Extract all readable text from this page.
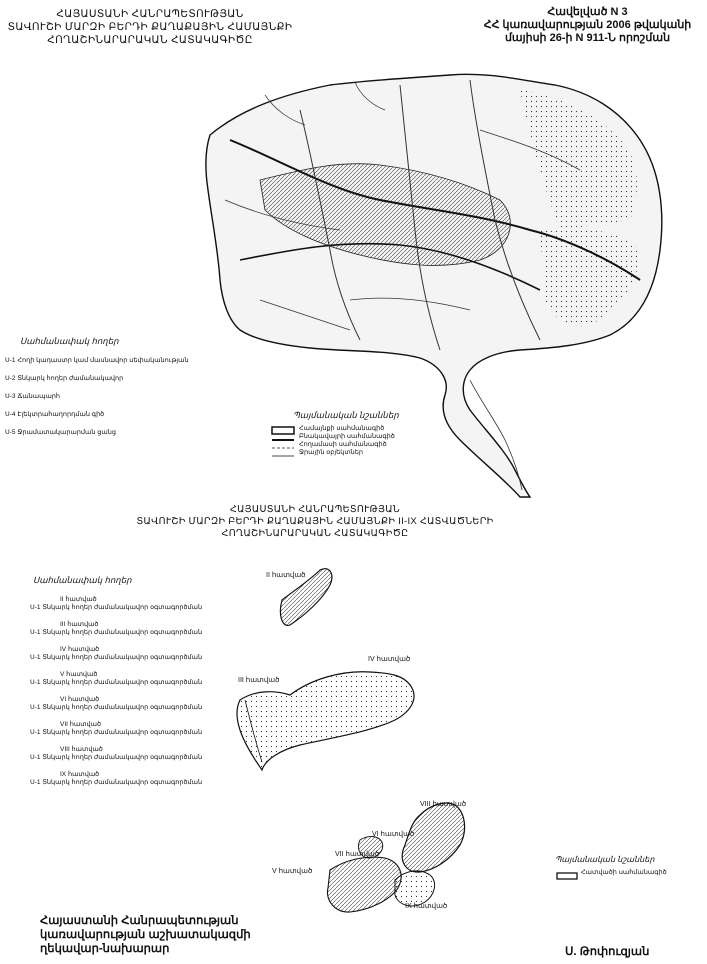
Հավելված N 3
ՀՀ կառավարության 2006 թվականի
մայիսի 26-ի N 911-Ն որոշման
ՀԱՅԱՍՏԱՆԻ ՀԱՆՐԱՊԵՏՈՒԹՅԱՆ
ՏԱՎՈՒՇԻ ՄԱՐԶԻ ԲԵՐԴԻ ՔԱՂԱՔԱՅԻՆ ՀԱՄԱՅՆՔԻ
ՀՈՂԱՇԻՆԱՐԱՐԱԿԱՆ ՀԱՏԱԿԱԳԻԾԸ
Սահմանափակ հողեր
Ս-1 Հողի կադաստր կամ մասնավոր սեփականության
Ս-2 Տնկարկ հողեր ժամանակավոր
Ս-3 Ճանապարհ
Ս-4 Էլեկտրահաղորդման գիծ
Ս-5 Ջրամատակարարման ցանց
Պայմանական նշաններ
Համայնքի սահմանագիծ
Բնակավայրի սահմանագիծ
Հողամասի սահմանագիծ
Ջրային օբյեկտներ
ՀԱՅԱՍՏԱՆԻ ՀԱՆՐԱՊԵՏՈՒԹՅԱՆ
ՏԱՎՈՒՇԻ ՄԱՐԶԻ ԲԵՐԴԻ ՔԱՂԱՔԱՅԻՆ ՀԱՄԱՅՆՔԻ II-IX ՀԱՏՎԱԾՆԵՐԻ
ՀՈՂԱՇԻՆԱՐԱՐԱԿԱՆ ՀԱՏԱԿԱԳԻԾԸ
Սահմանափակ հողեր
II հատված
Ս-1 Տնկարկ հողեր ժամանակավոր օգտագործման
III հատված
Ս-1 Տնկարկ հողեր ժամանակավոր օգտագործման
IV հատված
Ս-1 Տնկարկ հողեր ժամանակավոր օգտագործման
V հատված
Ս-1 Տնկարկ հողեր ժամանակավոր օգտագործման
VI հատված
Ս-1 Տնկարկ հողեր ժամանակավոր օգտագործման
VII հատված
Ս-1 Տնկարկ հողեր ժամանակավոր օգտագործման
VIII հատված
Ս-1 Տնկարկ հողեր ժամանակավոր օգտագործման
IX հատված
Ս-1 Տնկարկ հողեր ժամանակավոր օգտագործման
II հատված
III հատված
IV հատված
V հատված
VI հատված
VII հատված
VIII հատված
IX հատված
Պայմանական նշաններ
Հատվածի սահմանագիծ
Հայաստանի Հանրապետության
կառավարության աշխատակազմի
ղեկավար-նախարար	Ս. Թոփուզյան
